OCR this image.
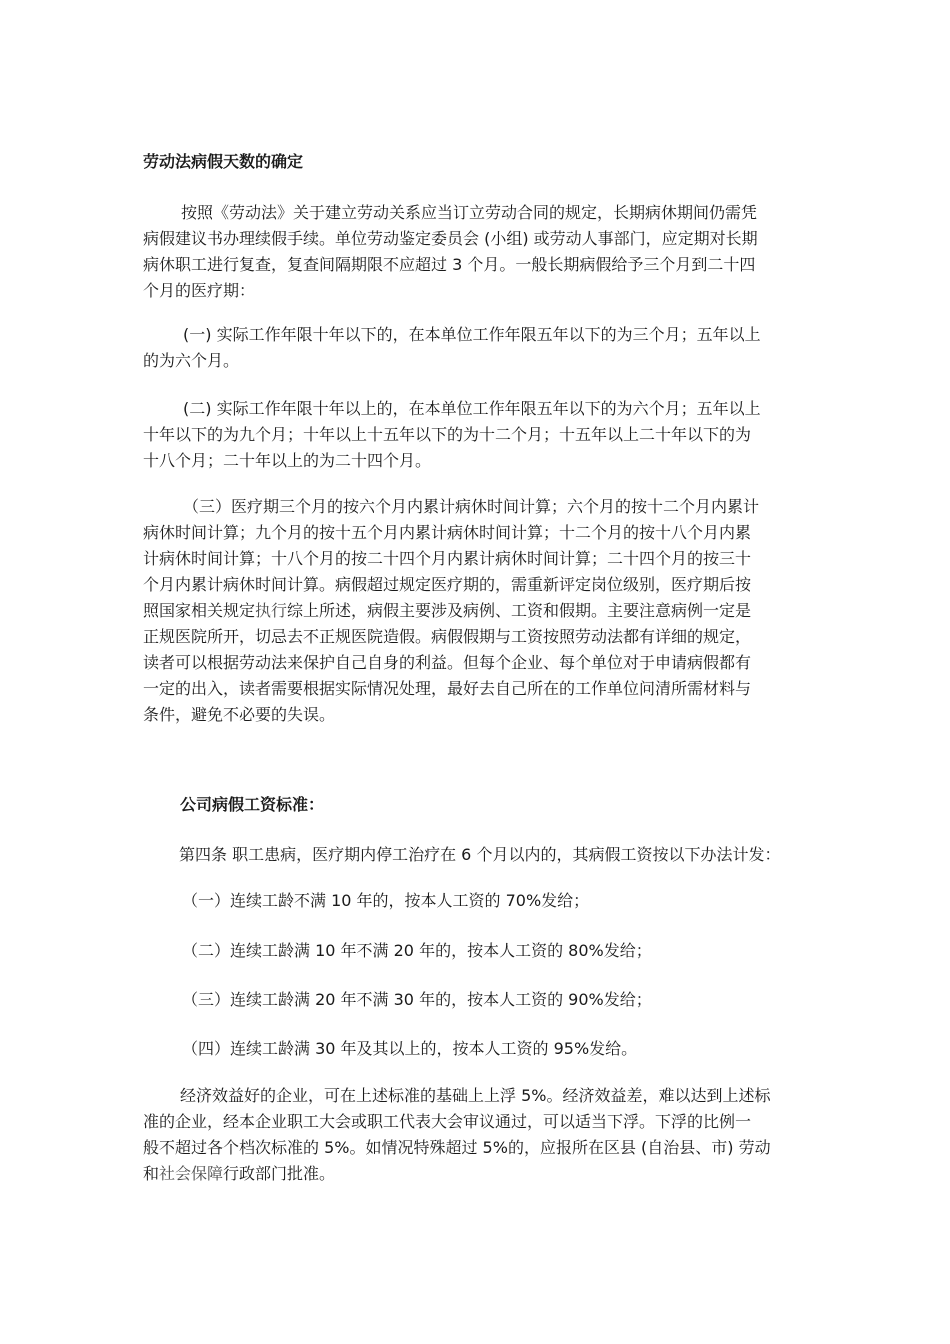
劳动法病假天数的确定
按照《劳动法》关于建立劳动关系应当订立劳动合同的规定，长期病休期间仍需凭
病假建议书办理续假手续。单位劳动鉴定委员会 (小组) 或劳动人事部门，应定期对长期
病休职工进行复查，复查间隔期限不应超过 3 个月。一般长期病假给予三个月到二十四
个月的医疗期：
(一) 实际工作年限十年以下的，在本单位工作年限五年以下的为三个月；五年以上
的为六个月。
(二) 实际工作年限十年以上的，在本单位工作年限五年以下的为六个月；五年以上
十年以下的为九个月；十年以上十五年以下的为十二个月；十五年以上二十年以下的为
十八个月；二十年以上的为二十四个月。
（三）医疗期三个月的按六个月内累计病休时间计算；六个月的按十二个月内累计
病休时间计算；九个月的按十五个月内累计病休时间计算；十二个月的按十八个月内累
计病休时间计算；十八个月的按二十四个月内累计病休时间计算；二十四个月的按三十
个月内累计病休时间计算。病假超过规定医疗期的，需重新评定岗位级别，医疗期后按
照国家相关规定执行综上所述，病假主要涉及病例、工资和假期。主要注意病例一定是
正规医院所开，切忌去不正规医院造假。病假假期与工资按照劳动法都有详细的规定，
读者可以根据劳动法来保护自己自身的利益。但每个企业、每个单位对于申请病假都有
一定的出入，读者需要根据实际情况处理，最好去自己所在的工作单位问清所需材料与
条件，避免不必要的失误。
公司病假工资标准：
第四条 职工患病，医疗期内停工治疗在 6 个月以内的，其病假工资按以下办法计发：
（一）连续工龄不满 10 年的，按本人工资的 70%发给；
（二）连续工龄满 10 年不满 20 年的，按本人工资的 80%发给；
（三）连续工龄满 20 年不满 30 年的，按本人工资的 90%发给；
（四）连续工龄满 30 年及其以上的，按本人工资的 95%发给。
经济效益好的企业，可在上述标准的基础上上浮 5%。经济效益差，难以达到上述标
准的企业，经本企业职工大会或职工代表大会审议通过，可以适当下浮。下浮的比例一
般不超过各个档次标准的 5%。如情况特殊超过 5%的，应报所在区县 (自治县、市) 劳动
和社会保障行政部门批准。
